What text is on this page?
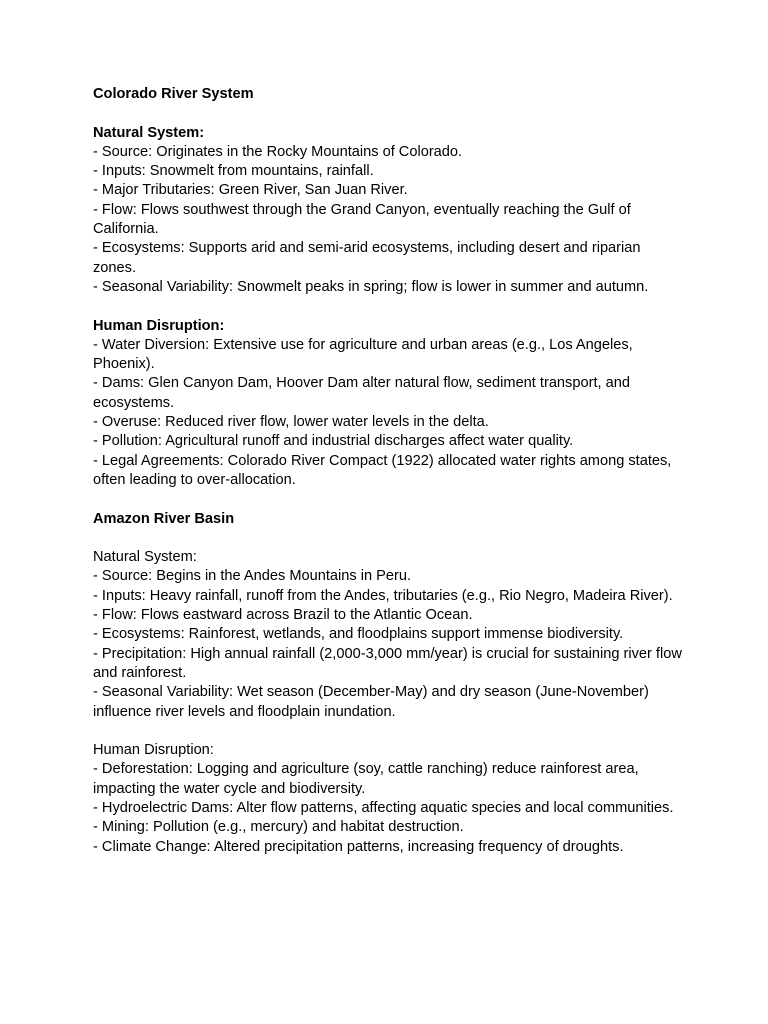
Colorado River System

Natural System:

- Source: Originates in the Rocky Mountains of Colorado.

- Inputs: Snowmelt from mountains, rainfall.

- Major Tributaries: Green River, San Juan River.

- Flow: Flows southwest through the Grand Canyon, eventually reaching the Gulf of California.

- Ecosystems: Supports arid and semi-arid ecosystems, including desert and riparian zones.

- Seasonal Variability: Snowmelt peaks in spring; flow is lower in summer and autumn.

Human Disruption:

- Water Diversion: Extensive use for agriculture and urban areas (e.g., Los Angeles, Phoenix).

- Dams: Glen Canyon Dam, Hoover Dam alter natural flow, sediment transport, and ecosystems.

- Overuse: Reduced river flow, lower water levels in the delta.

- Pollution: Agricultural runoff and industrial discharges affect water quality.

- Legal Agreements: Colorado River Compact (1922) allocated water rights among states, often leading to over-allocation.

Amazon River Basin

Natural System:

- Source: Begins in the Andes Mountains in Peru.

- Inputs: Heavy rainfall, runoff from the Andes, tributaries (e.g., Rio Negro, Madeira River).

- Flow: Flows eastward across Brazil to the Atlantic Ocean.

- Ecosystems: Rainforest, wetlands, and floodplains support immense biodiversity.

- Precipitation: High annual rainfall (2,000-3,000 mm/year) is crucial for sustaining river flow and rainforest.

- Seasonal Variability: Wet season (December-May) and dry season (June-November) influence river levels and floodplain inundation.

Human Disruption:

- Deforestation: Logging and agriculture (soy, cattle ranching) reduce rainforest area, impacting the water cycle and biodiversity.

- Hydroelectric Dams: Alter flow patterns, affecting aquatic species and local communities.

- Mining: Pollution (e.g., mercury) and habitat destruction.

- Climate Change: Altered precipitation patterns, increasing frequency of droughts.
